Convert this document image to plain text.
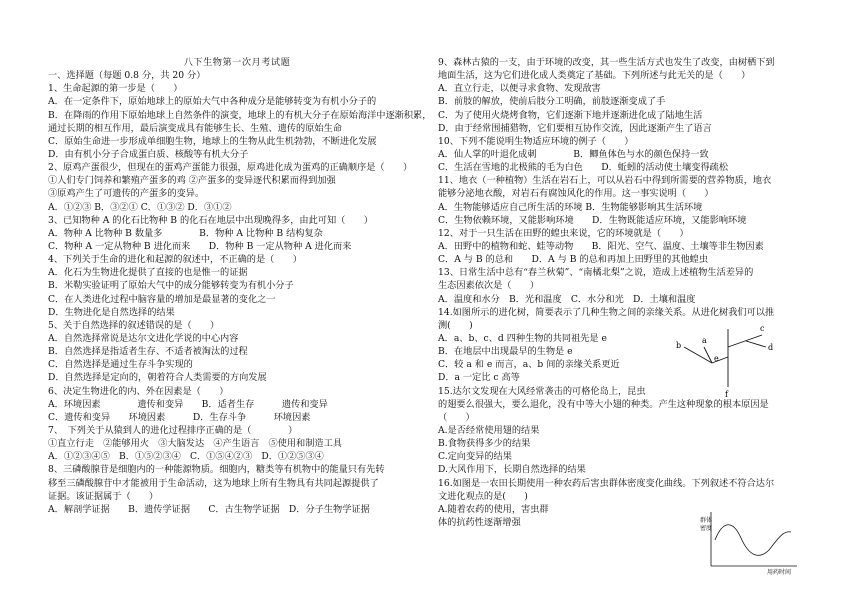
八下生物第一次月考试题
一、选择题（每题 0.8 分，共 20 分）
1、生命起源的第一步是（　　）
A．在一定条件下，原始地球上的原始大气中各种成分是能够转变为有机小分子的
B．在降雨的作用下原始地球上自然条件的演变，地球上的有机大分子在原始海洋中逐渐积累，
通过长期的相互作用，最后演变成具有能够生长、生殖、遗传的原始生命
C．原始生命进一步形成单细胞生物，地球上的生物从此生机勃勃，不断进化发展
D．由有机小分子合成蛋白质、核酸等有机大分子
2、原鸡产蛋很少，但现在的蛋鸡产蛋能力很强，原鸡进化成为蛋鸡的正确顺序是（　　）
①人们专门饲养和繁殖产蛋多的鸡 ②产蛋多的变异逐代积累而得到加强
③原鸡产生了可遗传的产蛋多的变异。
A．①②③ B．③②① C．①③② D．③①②
3、已知物种 A 的化石比物种 B 的化石在地层中出现晚得多，由此可知（　　）
A．物种 A 比物种 B 数量多　　　　B．物种 A 比物种 B 结构复杂
C．物种 A 一定从物种 B 进化而来　　D．物种 B 一定从物种 A 进化而来
4、下列关于生命的进化和起源的叙述中，不正确的是（　　）
A．化石为生物进化提供了直接的也是惟一的证据
B．米勒实验证明了原始大气中的成分能够转变为有机小分子
C．在人类进化过程中脑容量的增加是最显著的变化之一
D．生物进化是自然选择的结果
5、关于自然选择的叙述错误的是（　　）
A．自然选择常说是达尔文进化学说的中心内容
B．自然选择是指适者生存、不适者被淘汰的过程
C．自然选择是通过生存斗争实现的
D．自然选择是定向的，朝着符合人类需要的方向发展
6、决定生物进化的内、外在因素是（　　）
A．环境因素　　　　遗传和变异　　B．适者生存　　　遗传和变异
C．遗传和变异　　环境因素　　　D．生存斗争　　　环境因素
7、　下列关于从猿到人的进化过程排序正确的是（　　　　）
①直立行走　②能够用火　③大脑发达　④产生语言　⑤使用和制造工具
A．①②③④⑤　B．①⑤②③④　C．①⑤④②③　D．①②⑤③④
8、三磷酸腺苷是细胞内的一种能源物质。细胞内，糖类等有机物中的能量只有先转
移至三磷酸腺苷中才能被用于生命活动，这为地球上所有生物具有共同起源提供了
证据。该证据属于（　　）
A．解剖学证据　　B．遗传学证据　　C．古生物学证据　D．分子生物学证据
9、森林古猿的一支，由于环境的改变，其一些生活方式也发生了改变，由树栖下到
地面生活，这为它们进化成人类奠定了基础。下列所述与此无关的是（　　）
A．直立行走，以便寻求食物、发现敌害
B．前肢的解放，使前后肢分工明确，前肢逐渐变成了手
C．为了使用火烧烤食物，它们逐渐下地并逐渐进化成了陆地生活
D．由于经常围捕猎物，它们要相互协作交流，因此逐渐产生了语言
10、下列不能说明生物适应环境的例子（　　）
A．仙人掌的叶退化成刺　　　　B．鲫鱼体色与水的颜色保持一致
C．生活在雪地的北极熊的毛为白色　　D．蚯蚓的活动使土壤变得疏松
11、地衣（一种植物）生活在岩石上，可以从岩石中得到所需要的营养物质，地衣
能够分泌地衣酸，对岩石有腐蚀风化的作用。这一事实说明（　　）
A．生物能够适应自己所生活的环境 B．生物能够影响其生活环境
C．生物依赖环境，又能影响环境　　D．生物既能适应环境，又能影响环境
12、对于一只生活在田野的蝗虫来说，它的环境就是（　　）
A．田野中的植物和蛇、蛙等动物　　B．阳光、空气、温度、土壤等非生物因素
C．A 与 B 的总和　　D．A 与 B 的总和再加上田野里的其他蝗虫
13、日常生活中总有“春兰秋菊”、“南橘北梨”之说，造成上述植物生活差异的
生态因素依次是（　　）
A．温度和水分　B．光和温度　C．水分和光　D．土壤和温度
14.如图所示的进化树，简要表示了几种生物之间的亲缘关系。从进化树我们可以推
测(　　)
A．a、b、c、d 四种生物的共同祖先是 e
B．在地层中出现最早的生物是 e
C．较 a 和 e 而言，a、b 间的亲缘关系更近
D．a 一定比 c 高等
15.达尔文发现在大风经常袭击的可格伦岛上，昆虫
的翅要么很强大，要么退化，没有中等大小翅的种类。产生这种现象的根本原因是
（　　）
A.是否经常使用翅的结果
B.食物获得多少的结果
C.定向变异的结果
D.大风作用下，长期自然选择的结果
16.如图是一农田长期使用一种农药后害虫群体密度变化曲线。下列叙述不符合达尔
文进化观点的是(　　)
A.随着农药的使用，害虫群
体的抗药性逐渐增强
a
b
c
d
e
f
群体
密度
用药时间
